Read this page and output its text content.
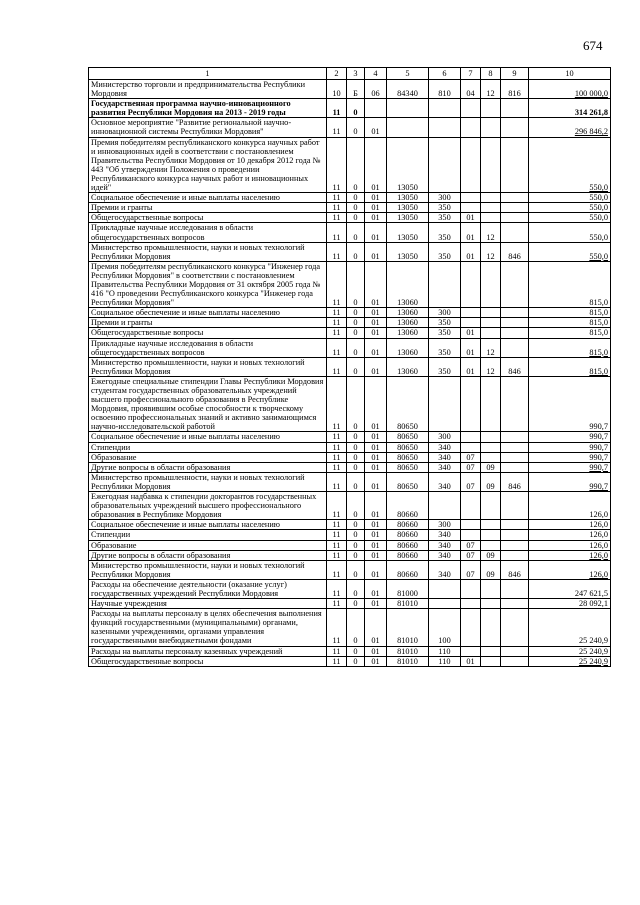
674
1	2	3	4	5	6	7	8	9	10
Министерство торговли и предпринимательства Республики Мордовия	10	Б	06	84340	810	04	12	816	100 000,0
Государственная программа научно-инновационного развития Республики Мордовия на 2013 - 2019 годы	11	0							314 261,8
Основное мероприятие "Развитие региональной научно-инновационной системы Республики Мордовия"	11	0	01						296 846,2
Премия победителям республиканского конкурса научных работ и инновационных идей в соответствии с постановлением Правительства Республики Мордовия от 10 декабря 2012 года № 443 "Об утверждении Положения о проведении Республиканского конкурса научных работ и инновационных идей"	11	0	01	13050					550,0
Социальное обеспечение и иные выплаты населению	11	0	01	13050	300				550,0
Премии и гранты	11	0	01	13050	350				550,0
Общегосударственные вопросы	11	0	01	13050	350	01			550,0
Прикладные научные исследования в области общегосударственных вопросов	11	0	01	13050	350	01	12		550,0
Министерство промышленности, науки и новых технологий Республики Мордовия	11	0	01	13050	350	01	12	846	550,0
Премия победителям республиканского конкурса "Инженер года Республики Мордовия" в соответствии с постановлением Правительства Республики Мордовия от 31 октября 2005 года № 416 "О проведении Республиканского конкурса "Инженер года Республики Мордовия"	11	0	01	13060					815,0
Социальное обеспечение и иные выплаты населению	11	0	01	13060	300				815,0
Премии и гранты	11	0	01	13060	350				815,0
Общегосударственные вопросы	11	0	01	13060	350	01			815,0
Прикладные научные исследования в области общегосударственных вопросов	11	0	01	13060	350	01	12		815,0
Министерство промышленности, науки и новых технологий Республики Мордовия	11	0	01	13060	350	01	12	846	815,0
Ежегодные специальные стипендии Главы Республики Мордовия студентам государственных образовательных учреждений высшего профессионального образования в Республике Мордовия, проявившим особые способности к творческому освоению профессиональных знаний и активно занимающимся научно-исследовательской работой	11	0	01	80650					990,7
Социальное обеспечение и иные выплаты населению	11	0	01	80650	300				990,7
Стипендии	11	0	01	80650	340				990,7
Образование	11	0	01	80650	340	07			990,7
Другие вопросы в области образования	11	0	01	80650	340	07	09		990,7
Министерство промышленности, науки и новых технологий Республики Мордовия	11	0	01	80650	340	07	09	846	990,7
Ежегодная надбавка к стипендии докторантов государственных образовательных учреждений высшего профессионального образования в Республике Мордовия	11	0	01	80660					126,0
Социальное обеспечение и иные выплаты населению	11	0	01	80660	300				126,0
Стипендии	11	0	01	80660	340				126,0
Образование	11	0	01	80660	340	07			126,0
Другие вопросы в области образования	11	0	01	80660	340	07	09		126,0
Министерство промышленности, науки и новых технологий Республики Мордовия	11	0	01	80660	340	07	09	846	126,0
Расходы на обеспечение деятельности (оказание услуг) государственных учреждений Республики Мордовия	11	0	01	81000					247 621,5
Научные учреждения	11	0	01	81010					28 092,1
Расходы на выплаты персоналу в целях обеспечения выполнения функций государственными (муниципальными) органами, казенными учреждениями, органами управления государственными внебюджетными фондами	11	0	01	81010	100				25 240,9
Расходы на выплаты персоналу казенных учреждений	11	0	01	81010	110				25 240,9
Общегосударственные вопросы	11	0	01	81010	110	01			25 240,9
